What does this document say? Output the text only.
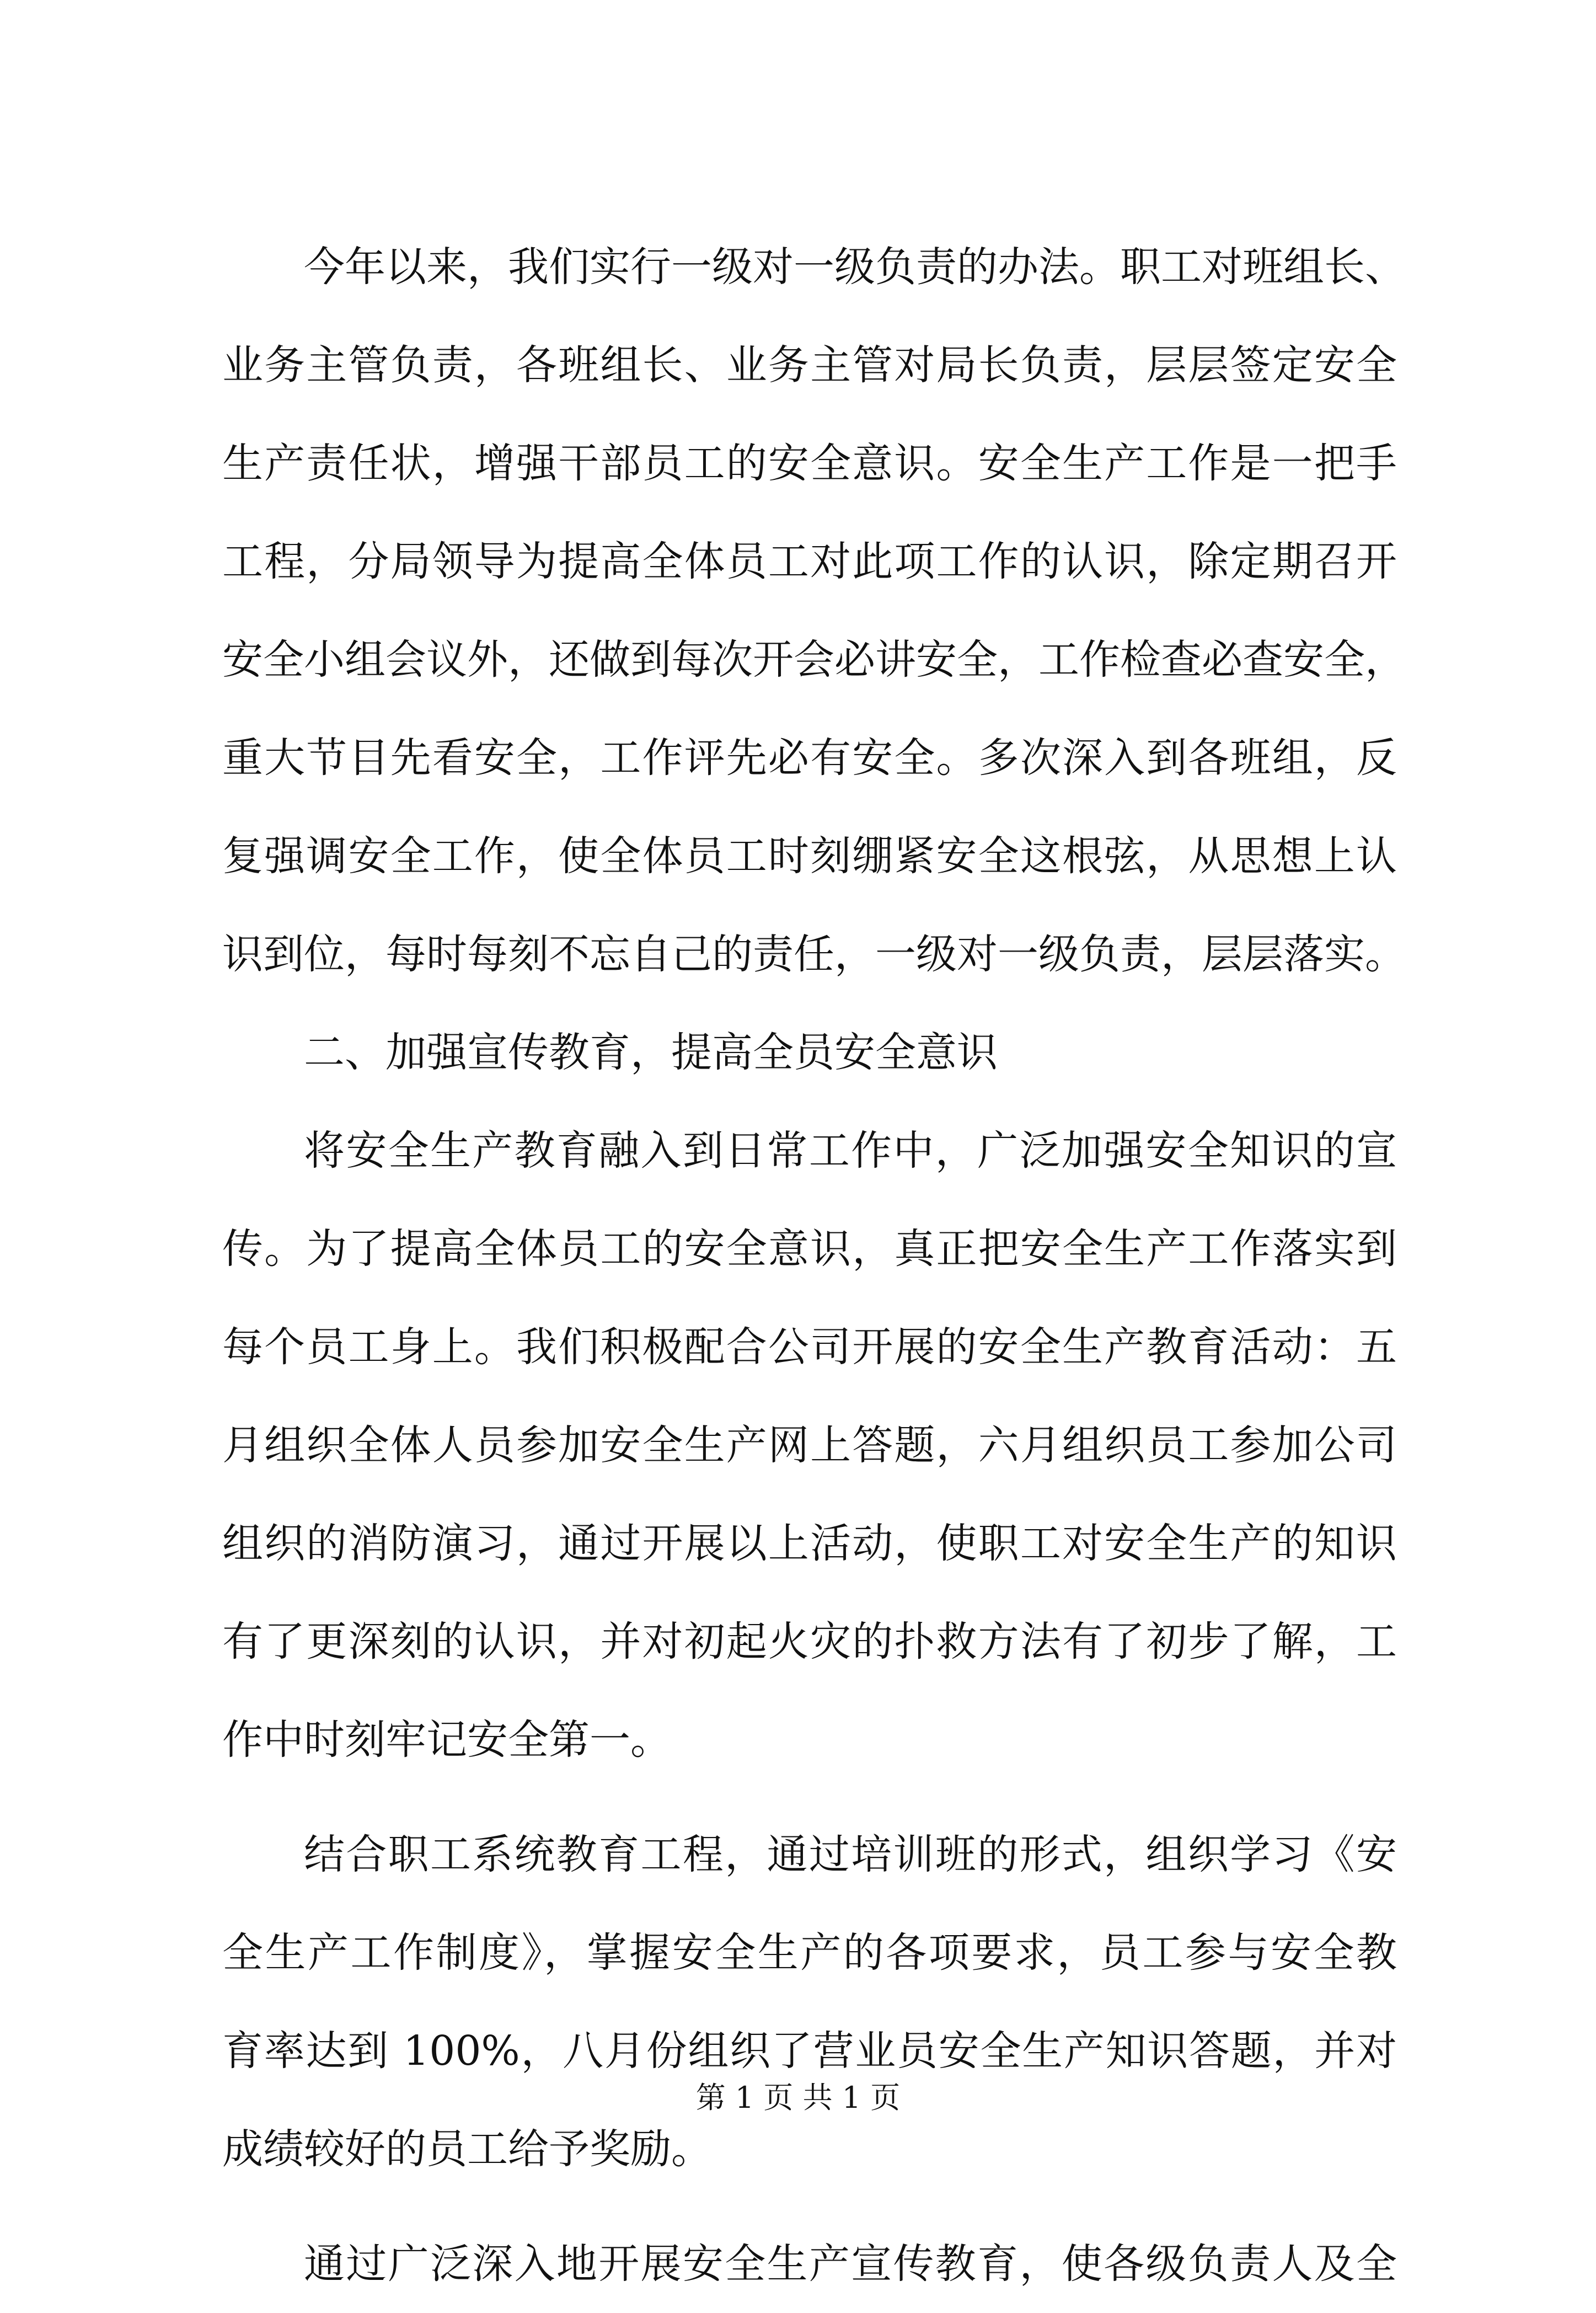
今年以来，我们实行一级对一级负责的办法。职工对班组长、
业务主管负责，各班组长、业务主管对局长负责，层层签定安全
生产责任状，增强干部员工的安全意识。安全生产工作是一把手
工程，分局领导为提高全体员工对此项工作的认识，除定期召开
安全小组会议外，还做到每次开会必讲安全，工作检查必查安全，
重大节目先看安全，工作评先必有安全。多次深入到各班组，反
复强调安全工作，使全体员工时刻绷紧安全这根弦，从思想上认
识到位，每时每刻不忘自己的责任，一级对一级负责，层层落实。
二、加强宣传教育，提高全员安全意识
将安全生产教育融入到日常工作中，广泛加强安全知识的宣
传。为了提高全体员工的安全意识，真正把安全生产工作落实到
每个员工身上。我们积极配合公司开展的安全生产教育活动：五
月组织全体人员参加安全生产网上答题，六月组织员工参加公司
组织的消防演习，通过开展以上活动，使职工对安全生产的知识
有了更深刻的认识，并对初起火灾的扑救方法有了初步了解，工
作中时刻牢记安全第一。
结合职工系统教育工程，通过培训班的形式，组织学习《安
全生产工作制度》，掌握安全生产的各项要求，员工参与安全教
育率达到 100%，八月份组织了营业员安全生产知识答题，并对
成绩较好的员工给予奖励。
通过广泛深入地开展安全生产宣传教育，使各级负责人及全
第 1 页 共 1 页
